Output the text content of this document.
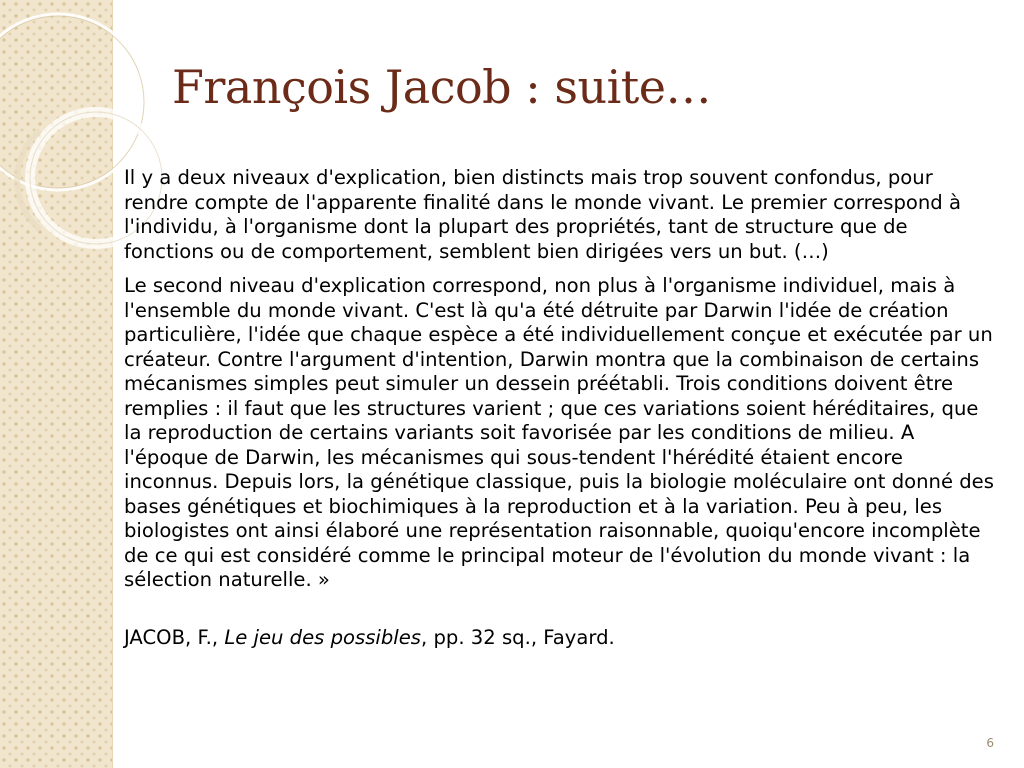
François Jacob : suite…

Il y a deux niveaux d'explication, bien distincts mais trop souvent confondus, pour rendre compte de l'apparente finalité dans le monde vivant. Le premier correspond à l'individu, à l'organisme dont la plupart des propriétés, tant de structure que de fonctions ou de comportement, semblent bien dirigées vers un but. (…)

Le second niveau d'explication correspond, non plus à l'organisme individuel, mais à l'ensemble du monde vivant. C'est là qu'a été détruite par Darwin l'idée de création particulière, l'idée que chaque espèce a été individuellement conçue et exécutée par un créateur. Contre l'argument d'intention, Darwin montra que la combinaison de certains mécanismes simples peut simuler un dessein préétabli. Trois conditions doivent être remplies : il faut que les structures varient ; que ces variations soient héréditaires, que la reproduction de certains variants soit favorisée par les conditions de milieu. A l'époque de Darwin, les mécanismes qui sous-tendent l'hérédité étaient encore inconnus. Depuis lors, la génétique classique, puis la biologie moléculaire ont donné des bases génétiques et biochimiques à la reproduction et à la variation. Peu à peu, les biologistes ont ainsi élaboré une représentation raisonnable, quoiqu'encore incomplète de ce qui est considéré comme le principal moteur de l'évolution du monde vivant : la sélection naturelle. »

JACOB, F., Le jeu des possibles, pp. 32 sq., Fayard.

6
